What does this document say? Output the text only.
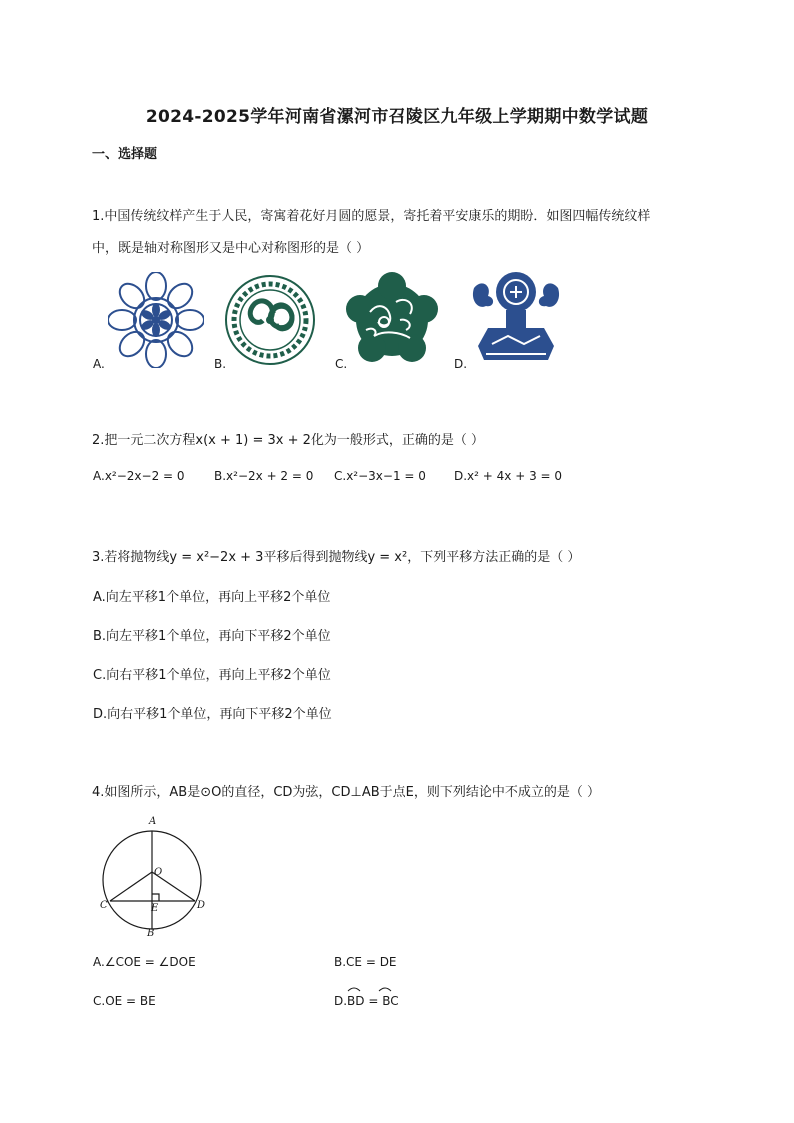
2024-2025学年河南省漯河市召陵区九年级上学期期中数学试题
一、选择题
1.中国传统纹样产生于人民，寄寓着花好月圆的愿景，寄托着平安康乐的期盼．如图四幅传统纹样
中，既是轴对称图形又是中心对称图形的是（ ）
A.	B.	C.	D.
2.把一元二次方程x(x + 1) = 3x + 2化为一般形式，正确的是（ ）
A.x²−2x−2 = 0 B.x²−2x + 2 = 0 C.x²−3x−1 = 0 D.x² + 4x + 3 = 0
3.若将抛物线y = x²−2x + 3平移后得到抛物线y = x²，下列平移方法正确的是（ ）
A.向左平移1个单位，再向上平移2个单位
B.向左平移1个单位，再向下平移2个单位
C.向右平移1个单位，再向上平移2个单位
D.向右平移1个单位，再向下平移2个单位
4.如图所示，AB是⊙O的直径，CD为弦，CD⊥AB于点E，则下列结论中不成立的是（ ）
A
O
C	D
E
B
A.∠COE = ∠DOE	B.CE = DE
C.OE = BE	D.BD = BC
